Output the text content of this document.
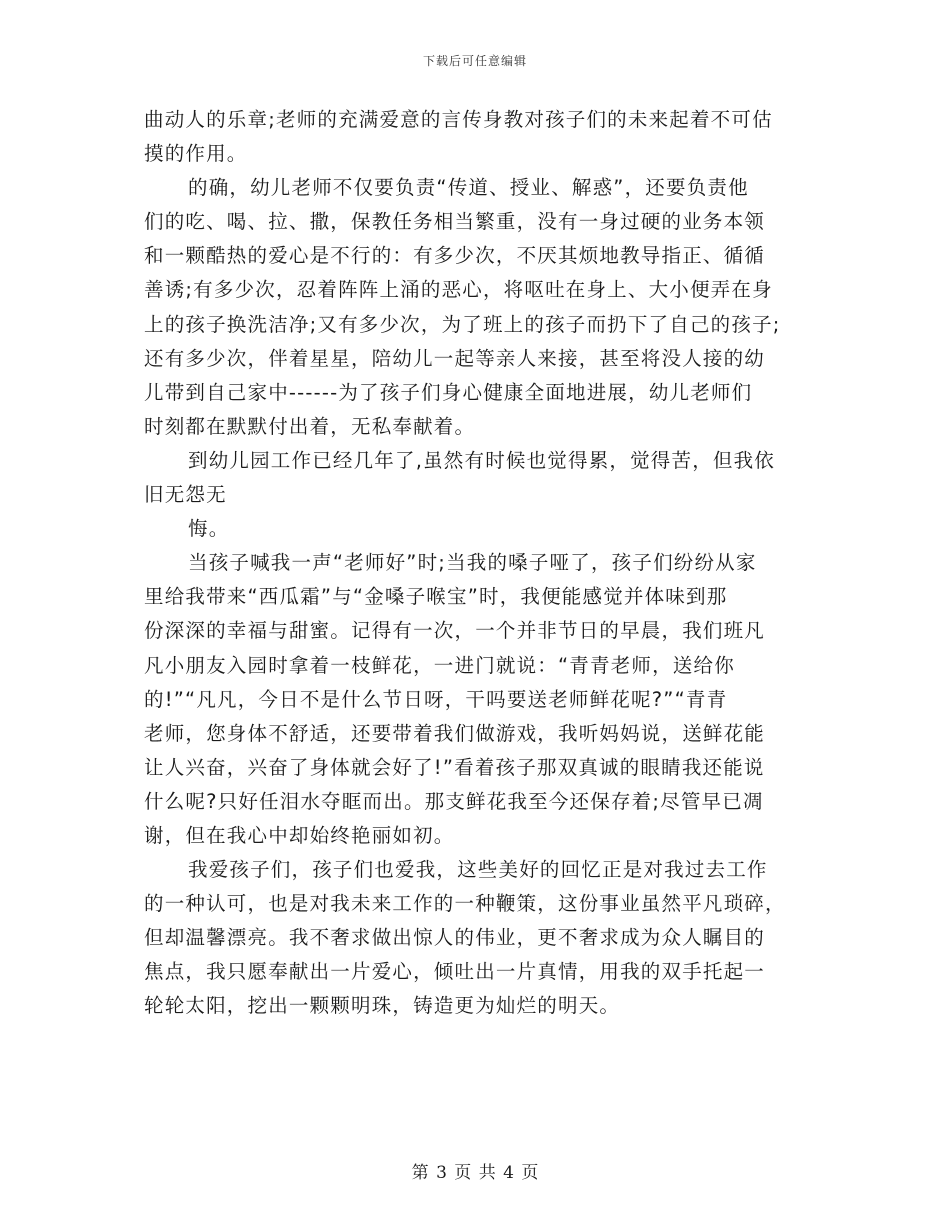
下载后可任意编辑
曲动人的乐章;老师的充满爱意的言传身教对孩子们的未来起着不可估
摸的作用。
的确，幼儿老师不仅要负责“传道、授业、解惑”，还要负责他
们的吃、喝、拉、撒，保教任务相当繁重，没有一身过硬的业务本领
和一颗酷热的爱心是不行的：有多少次，不厌其烦地教导指正、循循
善诱;有多少次，忍着阵阵上涌的恶心，将呕吐在身上、大小便弄在身
上的孩子换洗洁净;又有多少次，为了班上的孩子而扔下了自己的孩子;
还有多少次，伴着星星，陪幼儿一起等亲人来接，甚至将没人接的幼
儿带到自己家中------为了孩子们身心健康全面地进展，幼儿老师们
时刻都在默默付出着，无私奉献着。
到幼儿园工作已经几年了,虽然有时候也觉得累，觉得苦，但我依
旧无怨无
悔。
当孩子喊我一声“老师好”时;当我的嗓子哑了，孩子们纷纷从家
里给我带来“西瓜霜”与“金嗓子喉宝”时，我便能感觉并体味到那
份深深的幸福与甜蜜。记得有一次，一个并非节日的早晨，我们班凡
凡小朋友入园时拿着一枝鲜花，一进门就说：“青青老师，送给你
的!”“凡凡，今日不是什么节日呀，干吗要送老师鲜花呢?”“青青
老师，您身体不舒适，还要带着我们做游戏，我听妈妈说，送鲜花能
让人兴奋，兴奋了身体就会好了!”看着孩子那双真诚的眼睛我还能说
什么呢?只好任泪水夺眶而出。那支鲜花我至今还保存着;尽管早已凋
谢，但在我心中却始终艳丽如初。
我爱孩子们，孩子们也爱我，这些美好的回忆正是对我过去工作
的一种认可，也是对我未来工作的一种鞭策，这份事业虽然平凡琐碎，
但却温馨漂亮。我不奢求做出惊人的伟业，更不奢求成为众人瞩目的
焦点，我只愿奉献出一片爱心，倾吐出一片真情，用我的双手托起一
轮轮太阳，挖出一颗颗明珠，铸造更为灿烂的明天。
第 3 页 共 4 页
